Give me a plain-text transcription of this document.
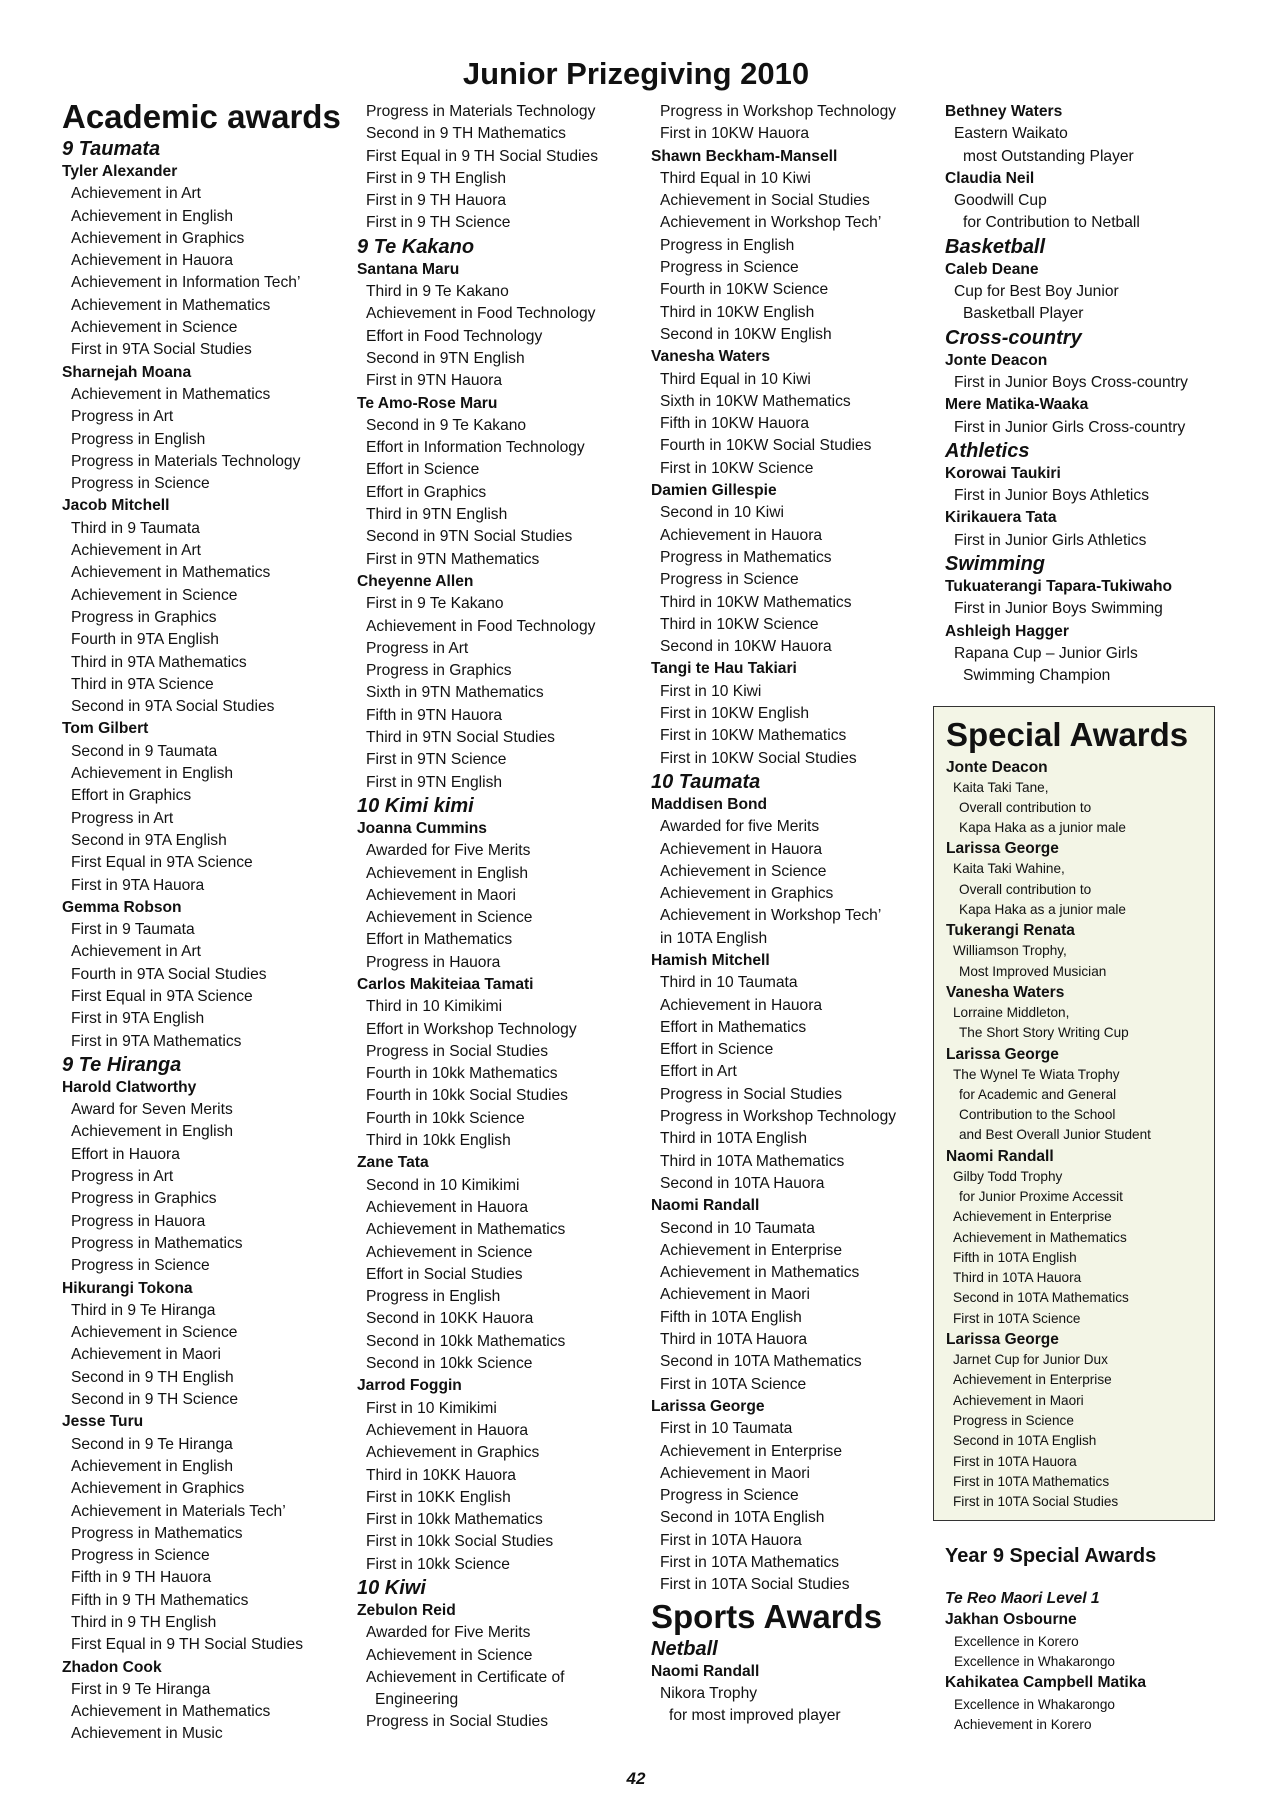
Junior Prizegiving 2010
Academic awards
9 Taumata
Tyler Alexander
Achievement in Art
Achievement in English
Achievement in Graphics
Achievement in Hauora
Achievement in Information Tech’
Achievement in Mathematics
Achievement in Science
First in 9TA Social Studies
Sharnejah Moana
Achievement in Mathematics
Progress in Art
Progress in English
Progress in Materials Technology
Progress in Science
Jacob Mitchell
Third in 9 Taumata
Achievement in Art
Achievement in Mathematics
Achievement in Science
Progress in Graphics
Fourth in 9TA English
Third in 9TA Mathematics
Third in 9TA Science
Second in 9TA Social Studies
Tom Gilbert
Second in 9 Taumata
Achievement in English
Effort in Graphics
Progress in Art
Second in 9TA English
First Equal in 9TA Science
First in 9TA Hauora
Gemma Robson
First in 9 Taumata
Achievement in Art
Fourth in 9TA Social Studies
First Equal in 9TA Science
First in 9TA English
First in 9TA Mathematics
9 Te Hiranga
Harold Clatworthy
Award for Seven Merits
Achievement in English
Effort in Hauora
Progress in Art
Progress in Graphics
Progress in Hauora
Progress in Mathematics
Progress in Science
Hikurangi Tokona
Third in 9 Te Hiranga
Achievement in Science
Achievement in Maori
Second in 9 TH English
Second in 9 TH Science
Jesse Turu
Second in 9 Te Hiranga
Achievement in English
Achievement in Graphics
Achievement in Materials Tech’
Progress in Mathematics
Progress in Science
Fifth in 9 TH Hauora
Fifth in 9 TH Mathematics
Third in 9 TH English
First Equal in 9 TH Social Studies
Zhadon Cook
First in 9 Te Hiranga
Achievement in Mathematics
Achievement in Music
Progress in Materials Technology
Second in 9 TH Mathematics
First Equal in 9 TH Social Studies
First in 9 TH English
First in 9 TH Hauora
First in 9 TH Science
9 Te Kakano
Santana Maru
Third in 9 Te Kakano
Achievement in Food Technology
Effort in Food Technology
Second in 9TN English
First in 9TN Hauora
Te Amo-Rose Maru
Second in 9 Te Kakano
Effort in Information Technology
Effort in Science
Effort in Graphics
Third in 9TN English
Second in 9TN Social Studies
First in 9TN Mathematics
Cheyenne Allen
First in 9 Te Kakano
Achievement in Food Technology
Progress in Art
Progress in Graphics
Sixth in 9TN Mathematics
Fifth in 9TN Hauora
Third in 9TN Social Studies
First in 9TN Science
First in 9TN English
10 Kimi kimi
Joanna Cummins
Awarded for Five Merits
Achievement in English
Achievement in Maori
Achievement in Science
Effort in Mathematics
Progress in Hauora
Carlos Makiteiaa Tamati
Third in 10 Kimikimi
Effort in Workshop Technology
Progress in Social Studies
Fourth in 10kk Mathematics
Fourth in 10kk Social Studies
Fourth in 10kk Science
Third in 10kk English
Zane Tata
Second in 10 Kimikimi
Achievement in Hauora
Achievement in Mathematics
Achievement in Science
Effort in Social Studies
Progress in English
Second in 10KK Hauora
Second in 10kk Mathematics
Second in 10kk Science
Jarrod Foggin
First in 10 Kimikimi
Achievement in Hauora
Achievement in Graphics
Third in 10KK Hauora
First in 10KK English
First in 10kk Mathematics
First in 10kk Social Studies
First in 10kk Science
10 Kiwi
Zebulon Reid
Awarded for Five Merits
Achievement in Science
Achievement in Certificate of
Engineering
Progress in Social Studies
Progress in Workshop Technology
First in 10KW Hauora
Shawn Beckham-Mansell
Third Equal in 10 Kiwi
Achievement in Social Studies
Achievement in Workshop Tech’
Progress in English
Progress in Science
Fourth in 10KW Science
Third in 10KW English
Second in 10KW English
Vanesha Waters
Third Equal in 10 Kiwi
Sixth in 10KW Mathematics
Fifth in 10KW Hauora
Fourth in 10KW Social Studies
First in 10KW Science
Damien Gillespie
Second in 10 Kiwi
Achievement in Hauora
Progress in Mathematics
Progress in Science
Third in 10KW Mathematics
Third in 10KW Science
Second in 10KW Hauora
Tangi te Hau Takiari
First in 10 Kiwi
First in 10KW English
First in 10KW Mathematics
First in 10KW Social Studies
10 Taumata
Maddisen Bond
Awarded for five Merits
Achievement in Hauora
Achievement in Science
Achievement in Graphics
Achievement in Workshop Tech’
in 10TA English
Hamish Mitchell
Third in 10 Taumata
Achievement in Hauora
Effort in Mathematics
Effort in Science
Effort in Art
Progress in Social Studies
Progress in Workshop Technology
Third in 10TA English
Third in 10TA Mathematics
Second in 10TA Hauora
Naomi Randall
Second in 10 Taumata
Achievement in Enterprise
Achievement in Mathematics
Achievement in Maori
Fifth in 10TA English
Third in 10TA Hauora
Second in 10TA Mathematics
First in 10TA Science
Larissa George
First in 10 Taumata
Achievement in Enterprise
Achievement in Maori
Progress in Science
Second in 10TA English
First in 10TA Hauora
First in 10TA Mathematics
First in 10TA Social Studies
Sports Awards
Netball
Naomi Randall
Nikora Trophy
for most improved player
Bethney Waters
Eastern Waikato
most Outstanding Player
Claudia Neil
Goodwill Cup
for Contribution to Netball
Basketball
Caleb Deane
Cup for Best Boy Junior
Basketball Player
Cross-country
Jonte Deacon
First in Junior Boys Cross-country
Mere Matika-Waaka
First in Junior Girls Cross-country
Athletics
Korowai Taukiri
First in Junior Boys Athletics
Kirikauera Tata
First in Junior Girls Athletics
Swimming
Tukuaterangi Tapara-Tukiwaho
First in Junior Boys Swimming
Ashleigh Hagger
Rapana Cup – Junior Girls
Swimming Champion
Special Awards
Jonte Deacon
Kaita Taki Tane,
Overall contribution to
Kapa Haka as a junior male
Larissa George
Kaita Taki Wahine,
Overall contribution to
Kapa Haka as a junior male
Tukerangi Renata
Williamson Trophy,
Most Improved Musician
Vanesha Waters
Lorraine Middleton,
The Short Story Writing Cup
Larissa George
The Wynel Te Wiata Trophy
for Academic and General
Contribution to the School
and Best Overall Junior Student
Naomi Randall
Gilby Todd Trophy
for Junior Proxime Accessit
Achievement in Enterprise
Achievement in Mathematics
Fifth in 10TA English
Third in 10TA Hauora
Second in 10TA Mathematics
First in 10TA Science
Larissa George
Jarnet Cup for Junior Dux
Achievement in Enterprise
Achievement in Maori
Progress in Science
Second in 10TA English
First in 10TA Hauora
First in 10TA Mathematics
First in 10TA Social Studies
Year 9 Special Awards
Te Reo Maori Level 1
Jakhan Osbourne
Excellence in Korero
Excellence in Whakarongo
Kahikatea Campbell Matika
Excellence in Whakarongo
Achievement in Korero
42
